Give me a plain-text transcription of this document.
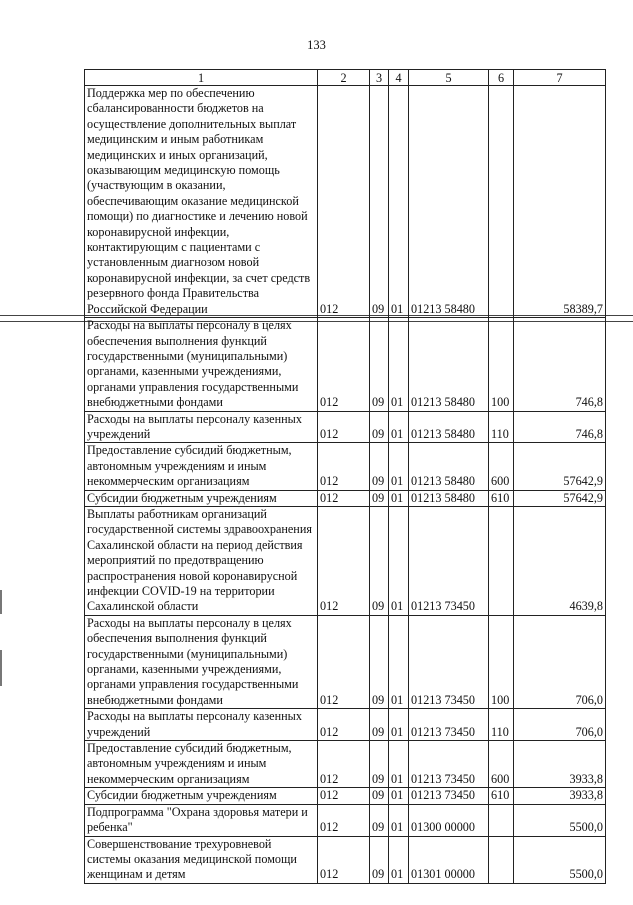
133
1	2	3	4	5	6	7
Поддержка мер по обеспечению сбалансированности бюджетов на осуществление дополнительных выплат медицинским и иным работникам медицинских и иных организаций, оказывающим медицинскую помощь (участвующим в оказании, обеспечивающим оказание медицинской помощи) по диагностике и лечению новой коронавирусной инфекции, контактирующим с пациентами с установленным диагнозом новой коронавирусной инфекции, за счет средств резервного фонда Правительства Российской Федерации	012	09	01	01213 58480		58389,7
Расходы на выплаты персоналу в целях обеспечения выполнения функций государственными (муниципальными) органами, казенными учреждениями, органами управления государственными внебюджетными фондами	012	09	01	01213 58480	100	746,8
Расходы на выплаты персоналу казенных учреждений	012	09	01	01213 58480	110	746,8
Предоставление субсидий бюджетным, автономным учреждениям и иным некоммерческим организациям	012	09	01	01213 58480	600	57642,9
Субсидии бюджетным учреждениям	012	09	01	01213 58480	610	57642,9
Выплаты работникам организаций государственной системы здравоохранения Сахалинской области на период действия мероприятий по предотвращению распространения новой коронавирусной инфекции COVID-19 на территории Сахалинской области	012	09	01	01213 73450		4639,8
Расходы на выплаты персоналу в целях обеспечения выполнения функций государственными (муниципальными) органами, казенными учреждениями, органами управления государственными внебюджетными фондами	012	09	01	01213 73450	100	706,0
Расходы на выплаты персоналу казенных учреждений	012	09	01	01213 73450	110	706,0
Предоставление субсидий бюджетным, автономным учреждениям и иным некоммерческим организациям	012	09	01	01213 73450	600	3933,8
Субсидии бюджетным учреждениям	012	09	01	01213 73450	610	3933,8
Подпрограмма "Охрана здоровья матери и ребенка"	012	09	01	01300 00000		5500,0
Совершенствование трехуровневой системы оказания медицинской помощи женщинам и детям	012	09	01	01301 00000		5500,0
